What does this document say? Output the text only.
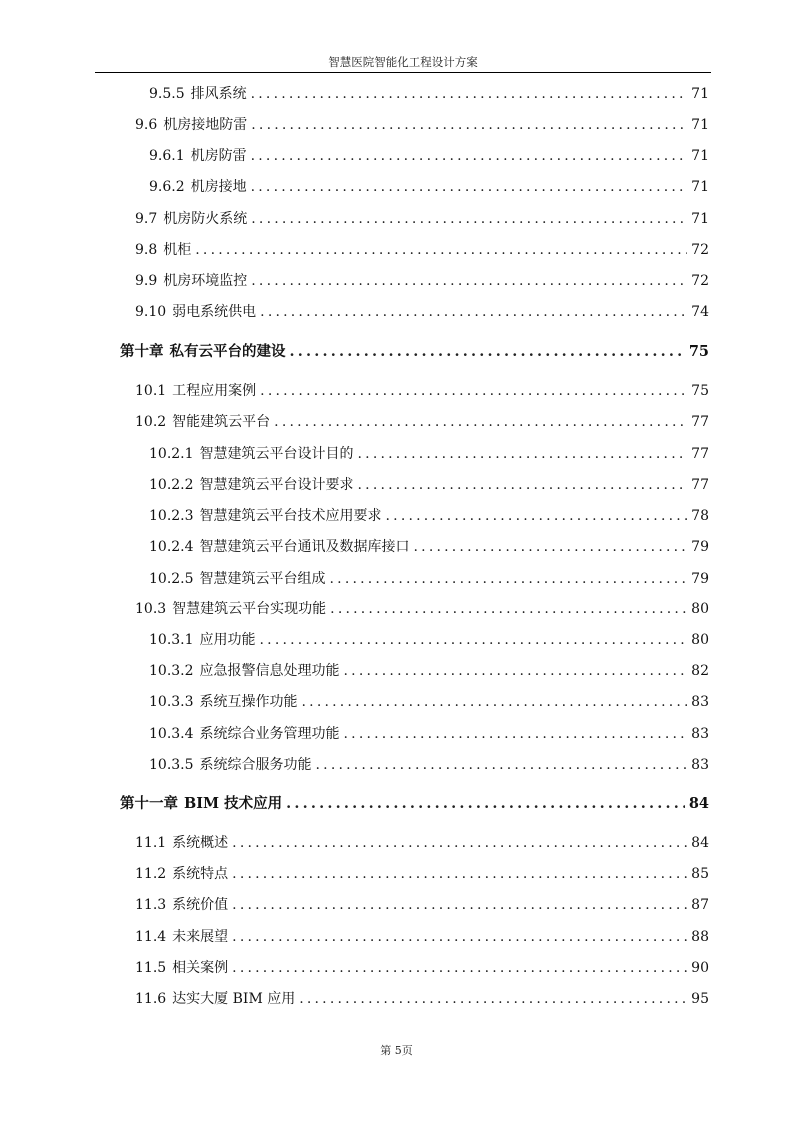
智慧医院智能化工程设计方案
9.5.5 排风系统 .....	71
9.6 机房接地防雷 .....	71
9.6.1 机房防雷 .....	71
9.6.2 机房接地 .....	71
9.7 机房防火系统 .....	71
9.8 机柜 .....	72
9.9 机房环境监控 .....	72
9.10 弱电系统供电 .....	74
第十章 私有云平台的建设 .....	75
10.1 工程应用案例 .....	75
10.2 智能建筑云平台 .....	77
10.2.1 智慧建筑云平台设计目的 .....	77
10.2.2 智慧建筑云平台设计要求 .....	77
10.2.3 智慧建筑云平台技术应用要求 .....	78
10.2.4 智慧建筑云平台通讯及数据库接口 .....	79
10.2.5 智慧建筑云平台组成 .....	79
10.3 智慧建筑云平台实现功能 .....	80
10.3.1 应用功能 .....	80
10.3.2 应急报警信息处理功能 .....	82
10.3.3 系统互操作功能 .....	83
10.3.4 系统综合业务管理功能 .....	83
10.3.5 系统综合服务功能 .....	83
第十一章 BIM 技术应用 .....	84
11.1 系统概述 .....	84
11.2 系统特点 .....	85
11.3 系统价值 .....	87
11.4 未来展望 .....	88
11.5 相关案例 .....	90
11.6 达实大厦 BIM 应用 .....	95
第 5页
